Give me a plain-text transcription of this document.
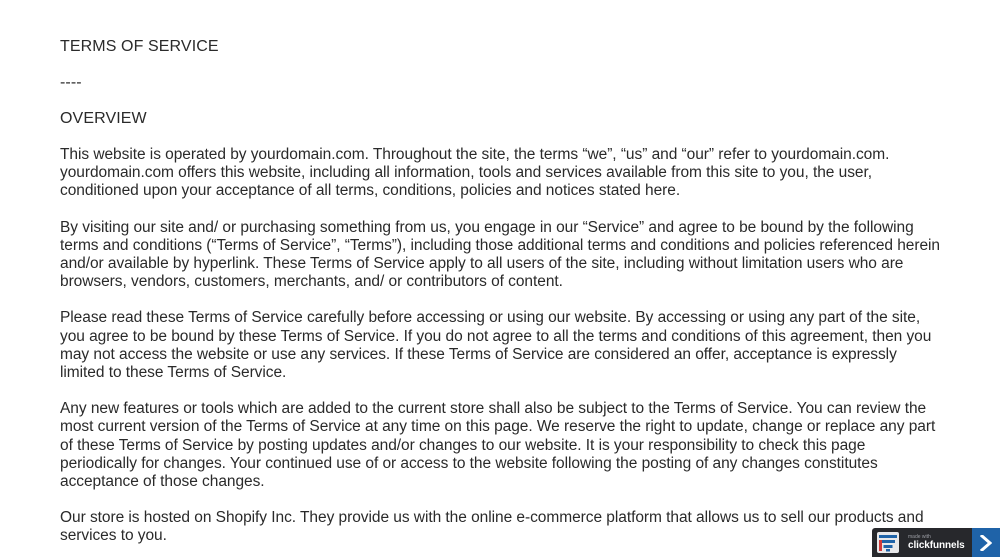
TERMS OF SERVICE
----
OVERVIEW

This website is operated by yourdomain.com. Throughout the site, the terms “we”, “us” and “our” refer to yourdomain.com. yourdomain.com offers this website, including all information, tools and services available from this site to you, the user, conditioned upon your acceptance of all terms, conditions, policies and notices stated here.

By visiting our site and/ or purchasing something from us, you engage in our “Service” and agree to be bound by the following terms and conditions (“Terms of Service”, “Terms”), including those additional terms and conditions and policies referenced herein and/or available by hyperlink. These Terms of Service apply to all users of the site, including without limitation users who are browsers, vendors, customers, merchants, and/ or contributors of content.

Please read these Terms of Service carefully before accessing or using our website. By accessing or using any part of the site, you agree to be bound by these Terms of Service. If you do not agree to all the terms and conditions of this agreement, then you may not access the website or use any services. If these Terms of Service are considered an offer, acceptance is expressly limited to these Terms of Service.

Any new features or tools which are added to the current store shall also be subject to the Terms of Service. You can review the most current version of the Terms of Service at any time on this page. We reserve the right to update, change or replace any part of these Terms of Service by posting updates and/or changes to our website. It is your responsibility to check this page periodically for changes. Your continued use of or access to the website following the posting of any changes constitutes acceptance of those changes.

Our store is hosted on Shopify Inc. They provide us with the online e-commerce platform that allows us to sell our products and services to you.	made with
clickfunnels
